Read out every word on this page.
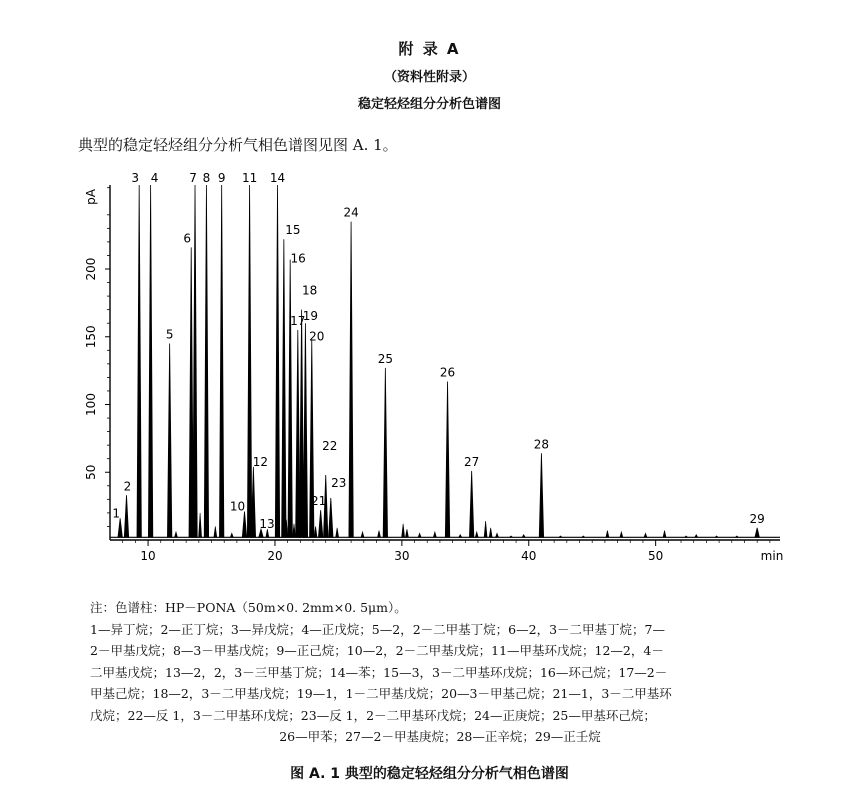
附 录 A
（资料性附录）
稳定轻烃组分分析色谱图
典型的稳定轻烃组分分析气相色谱图见图 A. 1。
50
100
150
200
pA
10	20	30	40	50	min
1
2
3 4
5
6
7 8 9
10
11
12
13
14
15
16
17
18
19
20
21
22
23
24
25
26
27
28
29
注：色谱柱：HP－PONA（50m×0. 2mm×0. 5μm）。
1—异丁烷；2—正丁烷；3—异戊烷；4—正戊烷；5—2，2－二甲基丁烷；6—2，3－二甲基丁烷；7—
2－甲基戊烷；8—3－甲基戊烷；9—正己烷；10—2，2－二甲基戊烷；11—甲基环戊烷；12—2，4－
二甲基戊烷；13—2，2，3－三甲基丁烷；14—苯；15—3，3－二甲基环戊烷；16—环己烷；17—2－
甲基己烷；18—2，3－二甲基戊烷；19—1，1－二甲基戊烷；20—3－甲基己烷；21—1，3－二甲基环
戊烷；22—反 1，3－二甲基环戊烷；23—反 1，2－二甲基环戊烷；24—正庚烷；25—甲基环己烷；
26—甲苯；27—2－甲基庚烷；28—正辛烷；29—正壬烷
图 A. 1 典型的稳定轻烃组分分析气相色谱图
